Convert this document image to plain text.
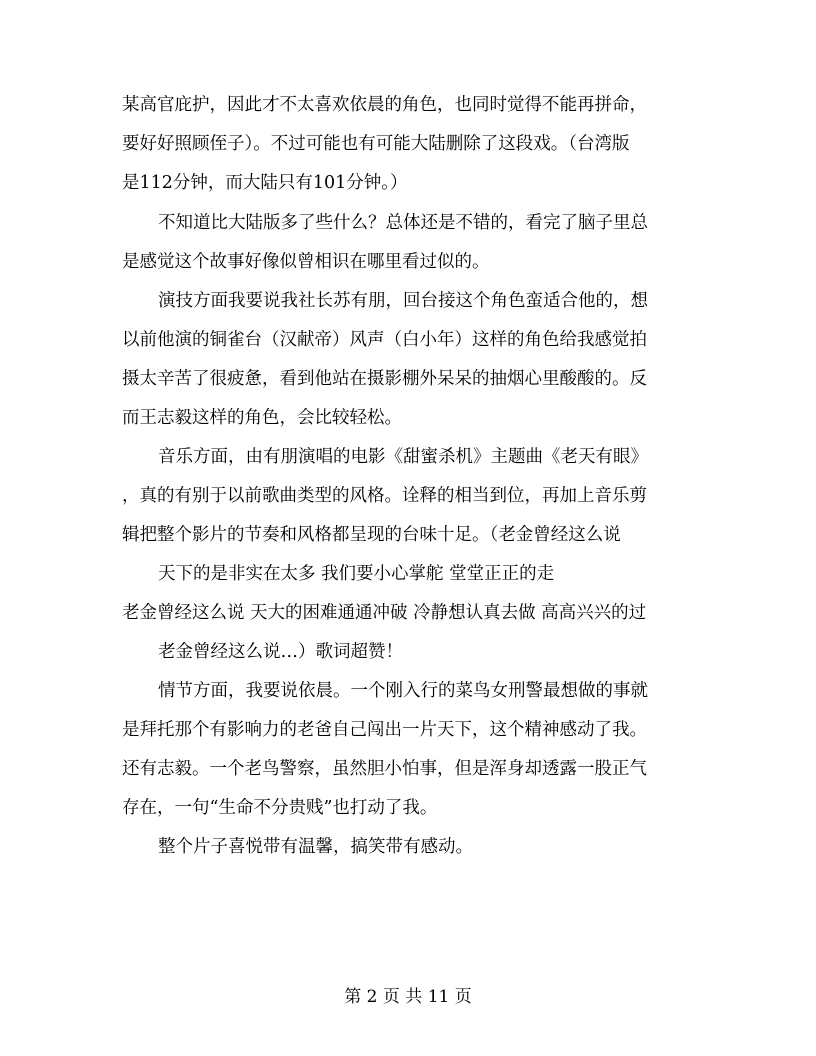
某高官庇护，因此才不太喜欢依晨的角色，也同时觉得不能再拼命，
要好好照顾侄子）。不过可能也有可能大陆删除了这段戏。（台湾版
是112分钟，而大陆只有101分钟。）
不知道比大陆版多了些什么？总体还是不错的，看完了脑子里总
是感觉这个故事好像似曾相识在哪里看过似的。
演技方面我要说我社长苏有朋，回台接这个角色蛮适合他的，想
以前他演的铜雀台（汉献帝）风声（白小年）这样的角色给我感觉拍
摄太辛苦了很疲惫，看到他站在摄影棚外呆呆的抽烟心里酸酸的。反
而王志毅这样的角色，会比较轻松。
音乐方面，由有朋演唱的电影《甜蜜杀机》主题曲《老天有眼》
，真的有别于以前歌曲类型的风格。诠释的相当到位，再加上音乐剪
辑把整个影片的节奏和风格都呈现的台味十足。（老金曾经这么说
天下的是非实在太多 我们要小心掌舵 堂堂正正的走
老金曾经这么说 天大的困难通通冲破 冷静想认真去做 高高兴兴的过
老金曾经这么说…）歌词超赞！
情节方面，我要说依晨。一个刚入行的菜鸟女刑警最想做的事就
是拜托那个有影响力的老爸自己闯出一片天下，这个精神感动了我。
还有志毅。一个老鸟警察，虽然胆小怕事，但是浑身却透露一股正气
存在，一句“生命不分贵贱”也打动了我。
整个片子喜悦带有温馨，搞笑带有感动。
第 2 页 共 11 页
